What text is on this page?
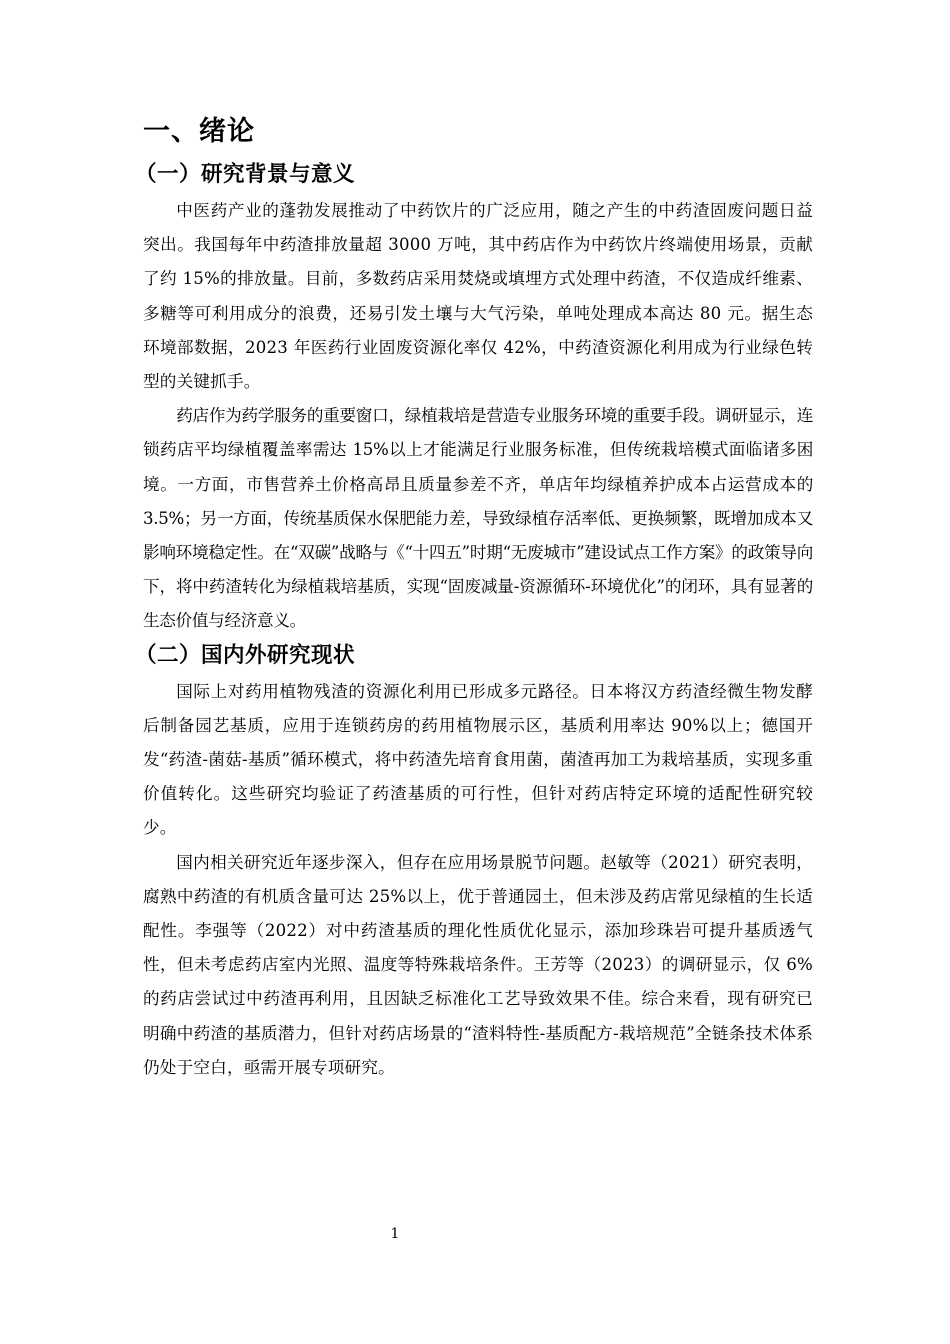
一、绪论
（一）研究背景与意义

中医药产业的蓬勃发展推动了中药饮片的广泛应用，随之产生的中药渣固废问题日益突出。我国每年中药渣排放量超 3000 万吨，其中药店作为中药饮片终端使用场景，贡献了约 15%的排放量。目前，多数药店采用焚烧或填埋方式处理中药渣，不仅造成纤维素、多糖等可利用成分的浪费，还易引发土壤与大气污染，单吨处理成本高达 80 元。据生态环境部数据，2023 年医药行业固废资源化率仅 42%，中药渣资源化利用成为行业绿色转型的关键抓手。

药店作为药学服务的重要窗口，绿植栽培是营造专业服务环境的重要手段。调研显示，连锁药店平均绿植覆盖率需达 15%以上才能满足行业服务标准，但传统栽培模式面临诸多困境。一方面，市售营养土价格高昂且质量参差不齐，单店年均绿植养护成本占运营成本的 3.5%；另一方面，传统基质保水保肥能力差，导致绿植存活率低、更换频繁，既增加成本又影响环境稳定性。在“双碳”战略与《“十四五”时期“无废城市”建设试点工作方案》的政策导向下，将中药渣转化为绿植栽培基质，实现“固废减量-资源循环-环境优化”的闭环，具有显著的生态价值与经济意义。

（二）国内外研究现状

国际上对药用植物残渣的资源化利用已形成多元路径。日本将汉方药渣经微生物发酵后制备园艺基质，应用于连锁药房的药用植物展示区，基质利用率达 90%以上；德国开发“药渣-菌菇-基质”循环模式，将中药渣先培育食用菌，菌渣再加工为栽培基质，实现多重价值转化。这些研究均验证了药渣基质的可行性，但针对药店特定环境的适配性研究较少。

国内相关研究近年逐步深入，但存在应用场景脱节问题。赵敏等（2021）研究表明，腐熟中药渣的有机质含量可达 25%以上，优于普通园土，但未涉及药店常见绿植的生长适配性。李强等（2022）对中药渣基质的理化性质优化显示，添加珍珠岩可提升基质透气性，但未考虑药店室内光照、温度等特殊栽培条件。王芳等（2023）的调研显示，仅 6%的药店尝试过中药渣再利用，且因缺乏标准化工艺导致效果不佳。综合来看，现有研究已明确中药渣的基质潜力，但针对药店场景的“渣料特性-基质配方-栽培规范”全链条技术体系仍处于空白，亟需开展专项研究。

1
